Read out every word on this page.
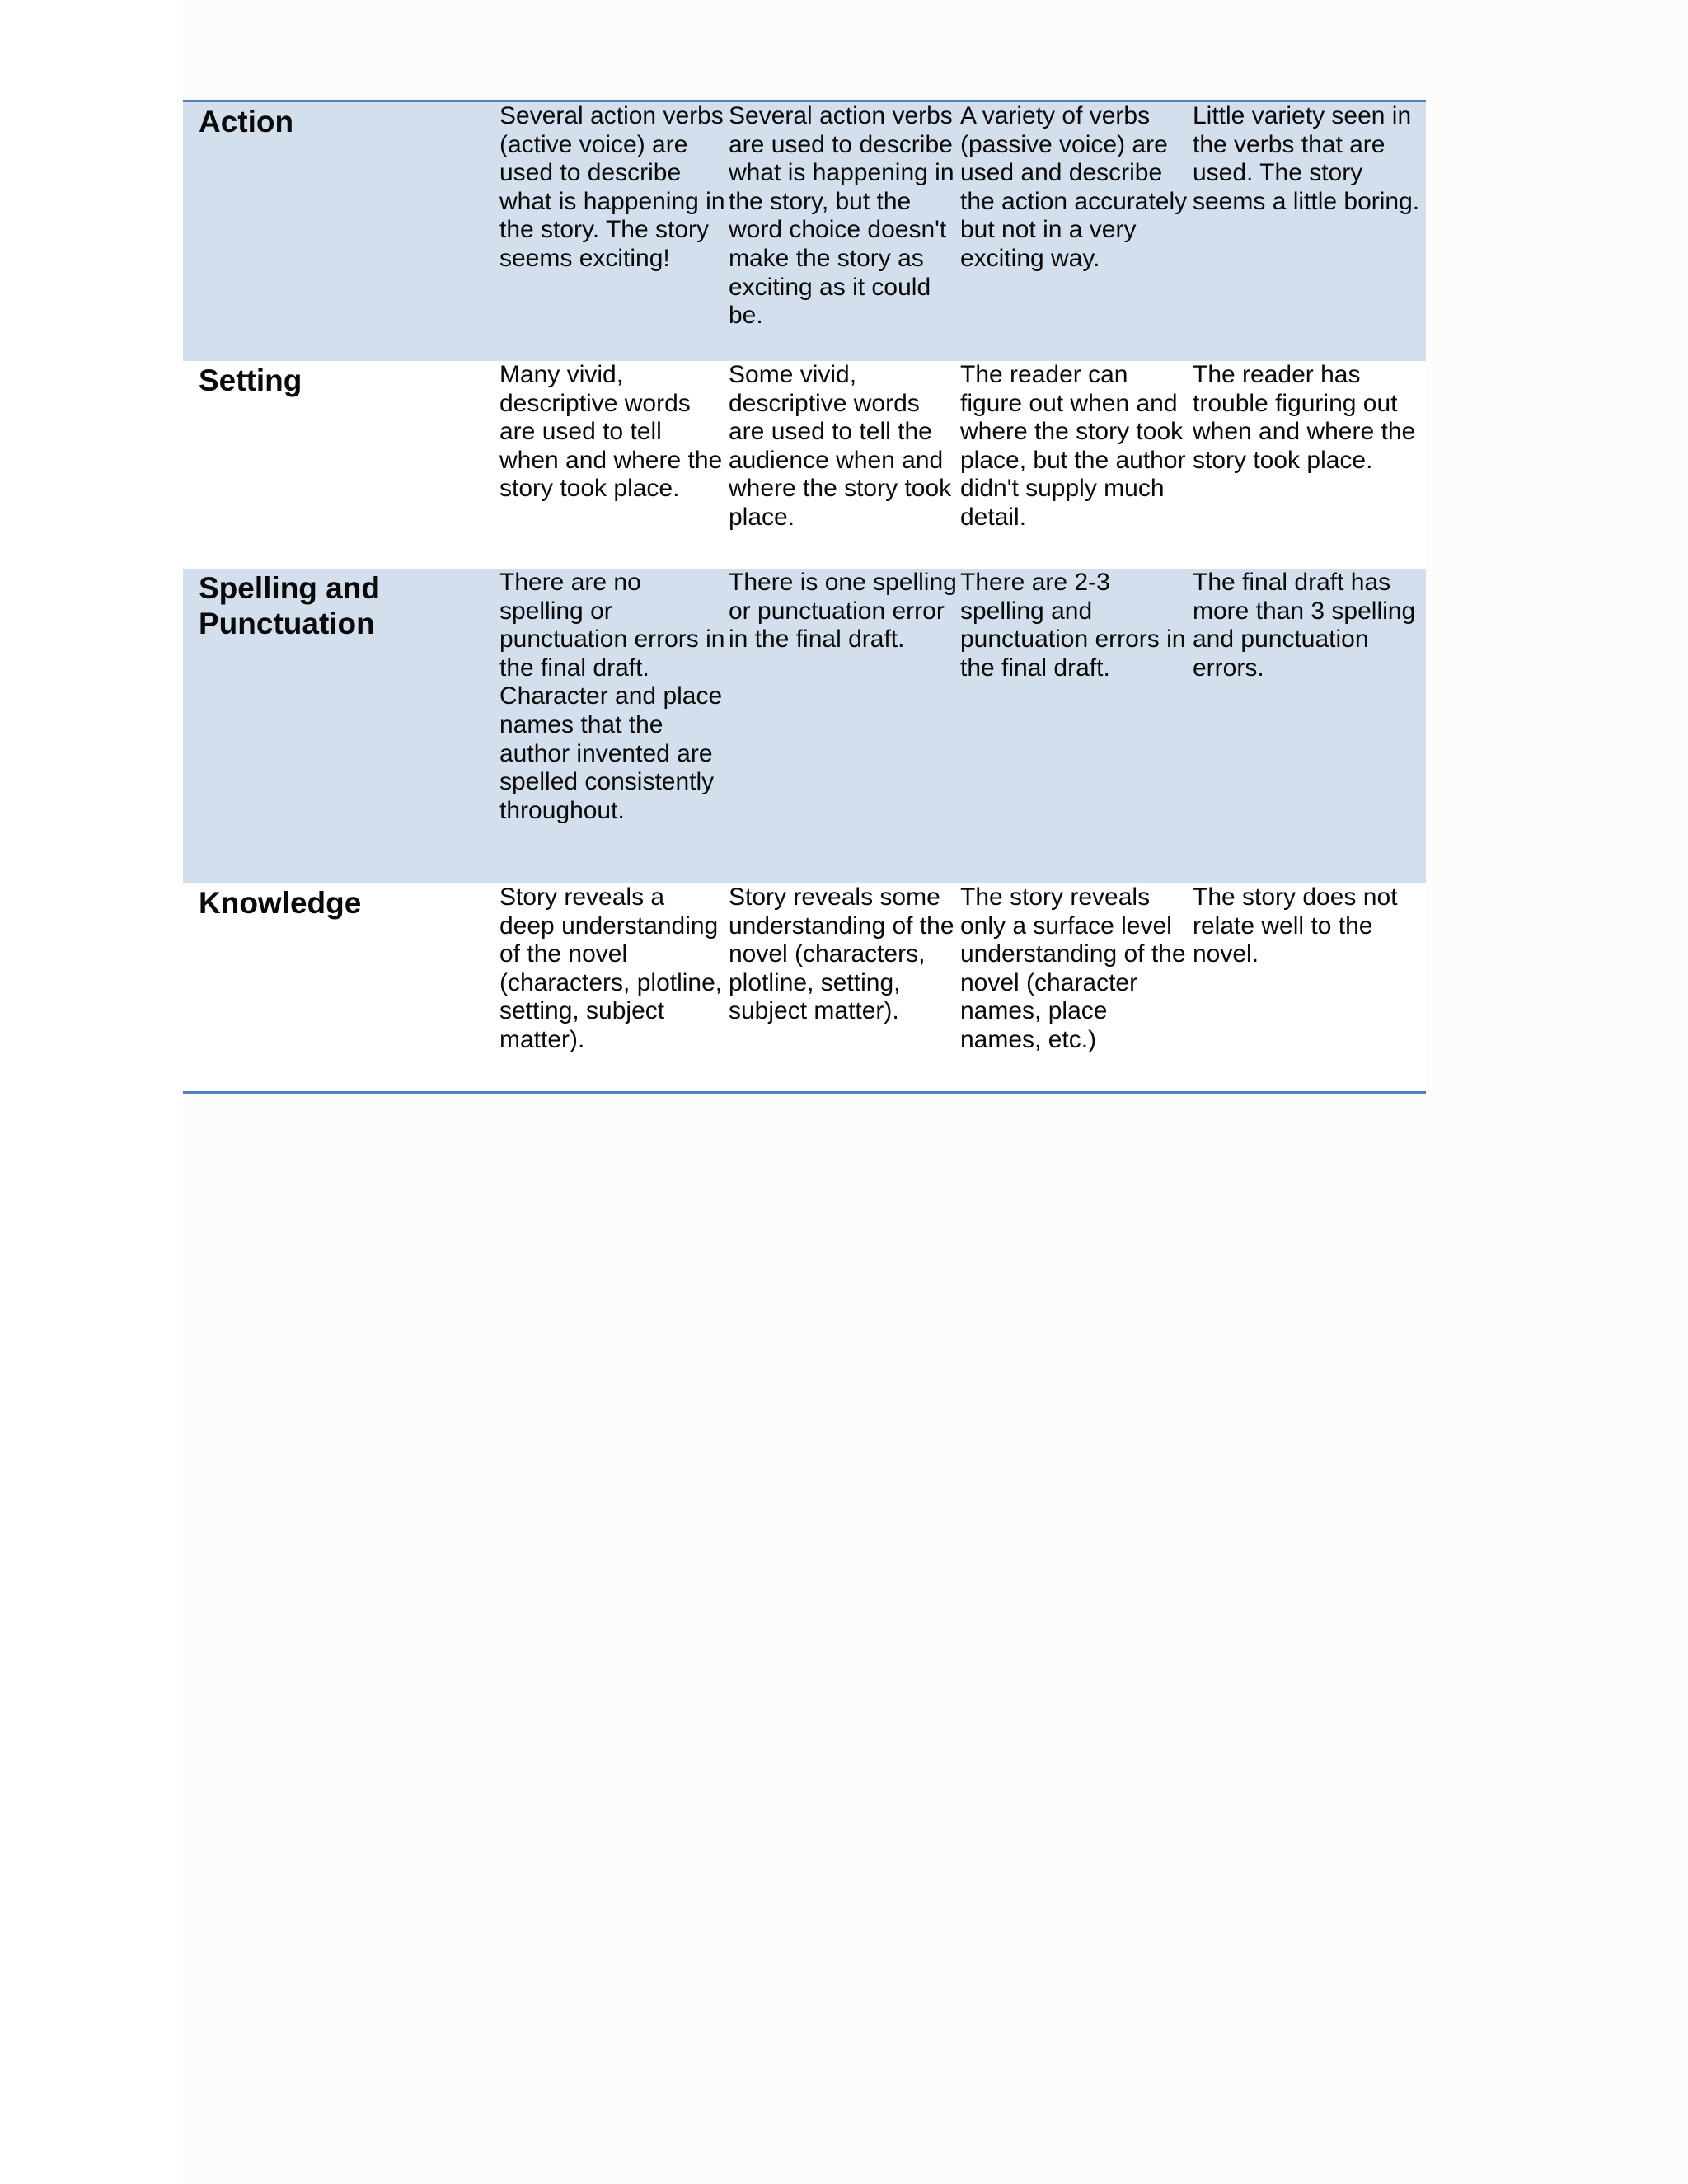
Action	Several action verbs (active voice) are used to describe what is happening in the story. The story seems exciting!	Several action verbs are used to describe what is happening in the story, but the word choice doesn't make the story as exciting as it could be.	A variety of verbs (passive voice) are used and describe the action accurately but not in a very exciting way.	Little variety seen in the verbs that are used. The story seems a little boring.
Setting	Many vivid, descriptive words are used to tell when and where the story took place.	Some vivid, descriptive words are used to tell the audience when and where the story took place.	The reader can figure out when and where the story took place, but the author didn't supply much detail.	The reader has trouble figuring out when and where the story took place.
Spelling and Punctuation	There are no spelling or punctuation errors in the final draft. Character and place names that the author invented are spelled consistently throughout.	There is one spelling or punctuation error in the final draft.	There are 2-3 spelling and punctuation errors in the final draft.	The final draft has more than 3 spelling and punctuation errors.
Knowledge	Story reveals a deep understanding of the novel (characters, plotline, setting, subject matter).	Story reveals some understanding of the novel (characters, plotline, setting, subject matter).	The story reveals only a surface level understanding of the novel (character names, place names, etc.)	The story does not relate well to the novel.
